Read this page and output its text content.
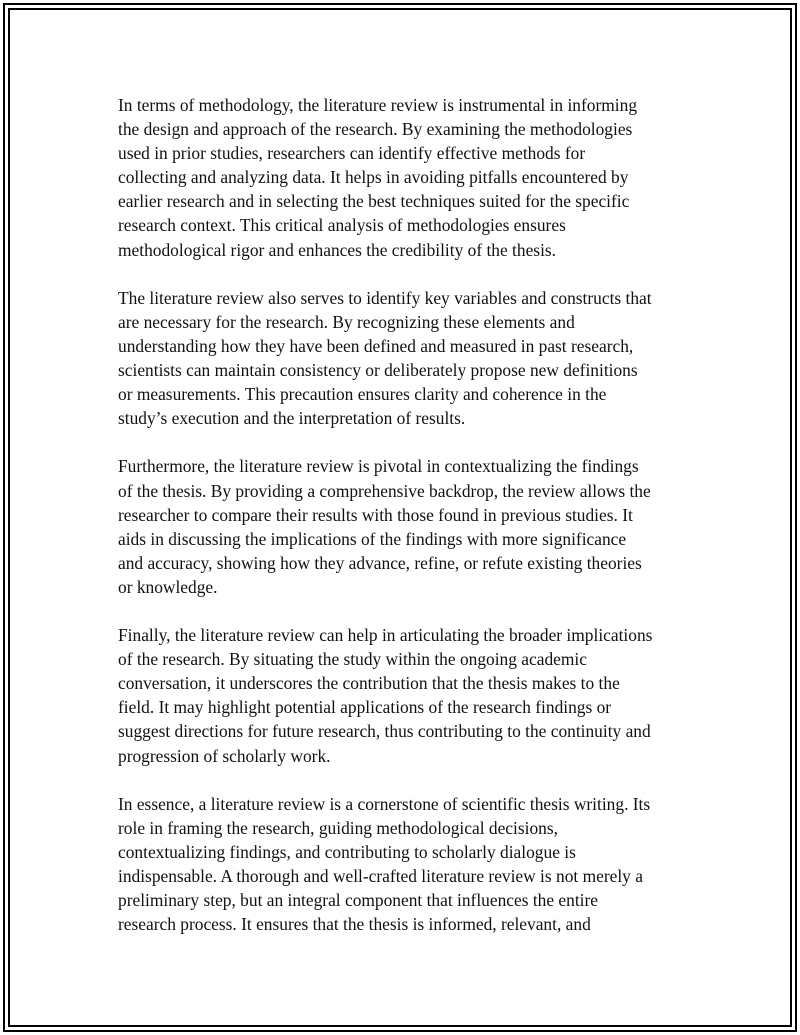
In terms of methodology, the literature review is instrumental in informing
the design and approach of the research. By examining the methodologies
used in prior studies, researchers can identify effective methods for
collecting and analyzing data. It helps in avoiding pitfalls encountered by
earlier research and in selecting the best techniques suited for the specific
research context. This critical analysis of methodologies ensures
methodological rigor and enhances the credibility of the thesis.

The literature review also serves to identify key variables and constructs that
are necessary for the research. By recognizing these elements and
understanding how they have been defined and measured in past research,
scientists can maintain consistency or deliberately propose new definitions
or measurements. This precaution ensures clarity and coherence in the
study’s execution and the interpretation of results.

Furthermore, the literature review is pivotal in contextualizing the findings
of the thesis. By providing a comprehensive backdrop, the review allows the
researcher to compare their results with those found in previous studies. It
aids in discussing the implications of the findings with more significance
and accuracy, showing how they advance, refine, or refute existing theories
or knowledge.

Finally, the literature review can help in articulating the broader implications
of the research. By situating the study within the ongoing academic
conversation, it underscores the contribution that the thesis makes to the
field. It may highlight potential applications of the research findings or
suggest directions for future research, thus contributing to the continuity and
progression of scholarly work.

In essence, a literature review is a cornerstone of scientific thesis writing. Its
role in framing the research, guiding methodological decisions,
contextualizing findings, and contributing to scholarly dialogue is
indispensable. A thorough and well-crafted literature review is not merely a
preliminary step, but an integral component that influences the entire
research process. It ensures that the thesis is informed, relevant, and
